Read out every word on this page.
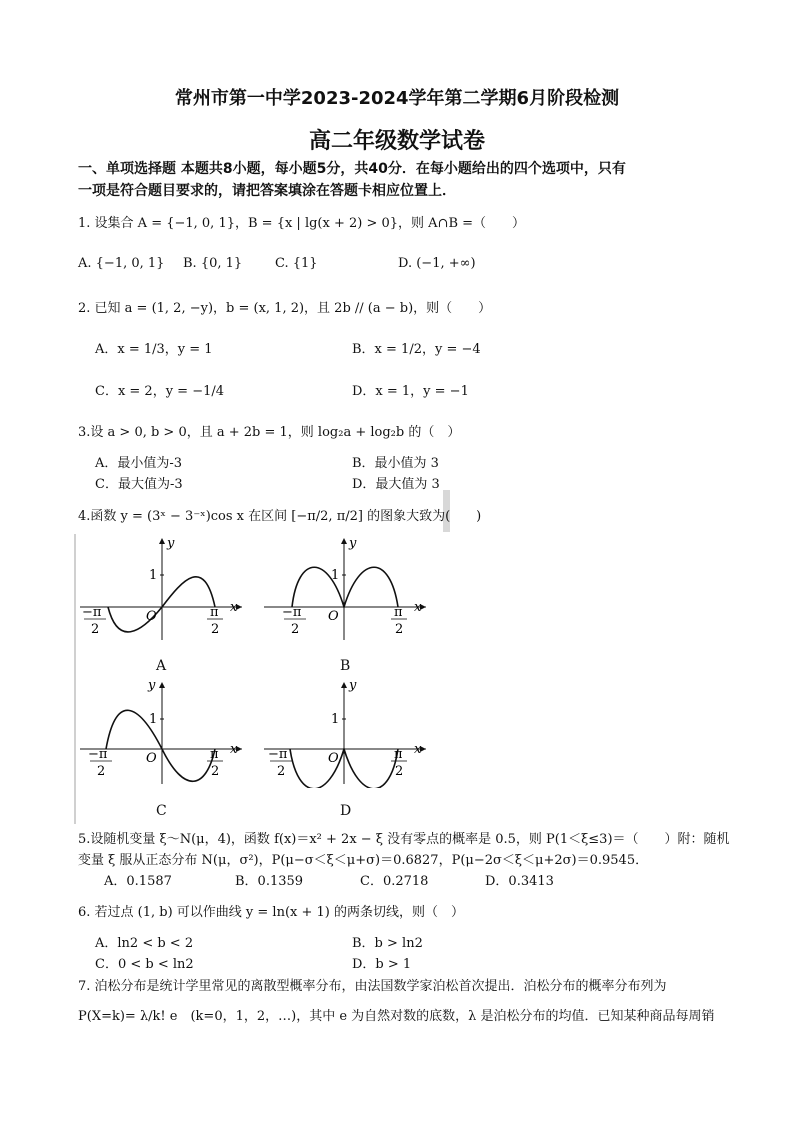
常州市第一中学2023-2024学年第二学期6月阶段检测
高二年级数学试卷
一、单项选择题 本题共8小题，每小题5分，共40分．在每小题给出的四个选项中，只有
一项是符合题目要求的，请把答案填涂在答题卡相应位置上．
1. 设集合 A = {−1, 0, 1}，B = {x | lg(x + 2) > 0}，则 A∩B =（　　）
A. {−1, 0, 1} B. {0, 1}	C. {1}	D. (−1, +∞)
2. 已知 a = (1, 2, −y)，b = (x, 1, 2)，且 2b // (a − b)，则（　　）
A．x = 1/3，y = 1	B．x = 1/2，y = −4
C．x = 2，y = −1/4	D．x = 1，y = −1
3.设 a > 0, b > 0，且 a + 2b = 1，则 log₂a + log₂b 的（　）
A．最小值为-3	B．最小值为 3
C．最大值为-3	D．最大值为 3
4.函数 y = (3ˣ − 3⁻ˣ)cos x 在区间 [−π/2, π/2] 的图象大致为(　　)
y
x
1
O
−π
2
π
2
A
y
x
1
O
−π
2
π
2
B
y
x
1
O
−π
2
π
2
C
y
x
1
O
−π
2
π
2
D
5.设随机变量 ξ～N(μ，4)，函数 f(x)＝x² + 2x − ξ 没有零点的概率是 0.5，则 P(1＜ξ≤3)＝（　　）附：随机
变量 ξ 服从正态分布 N(μ，σ²)，P(μ−σ＜ξ＜μ+σ)＝0.6827，P(μ−2σ＜ξ＜μ+2σ)＝0.9545．
A．0.1587	B．0.1359	C．0.2718	D．0.3413
6. 若过点 (1, b) 可以作曲线 y = ln(x + 1) 的两条切线，则（　）
A．ln2 < b < 2	B．b > ln2
C．0 < b < ln2	D．b > 1
7. 泊松分布是统计学里常见的离散型概率分布，由法国数学家泊松首次提出．泊松分布的概率分布列为
P(X=k)= λ/k! e　(k=0，1，2，…)，其中 e 为自然对数的底数，λ 是泊松分布的均值．已知某种商品每周销
